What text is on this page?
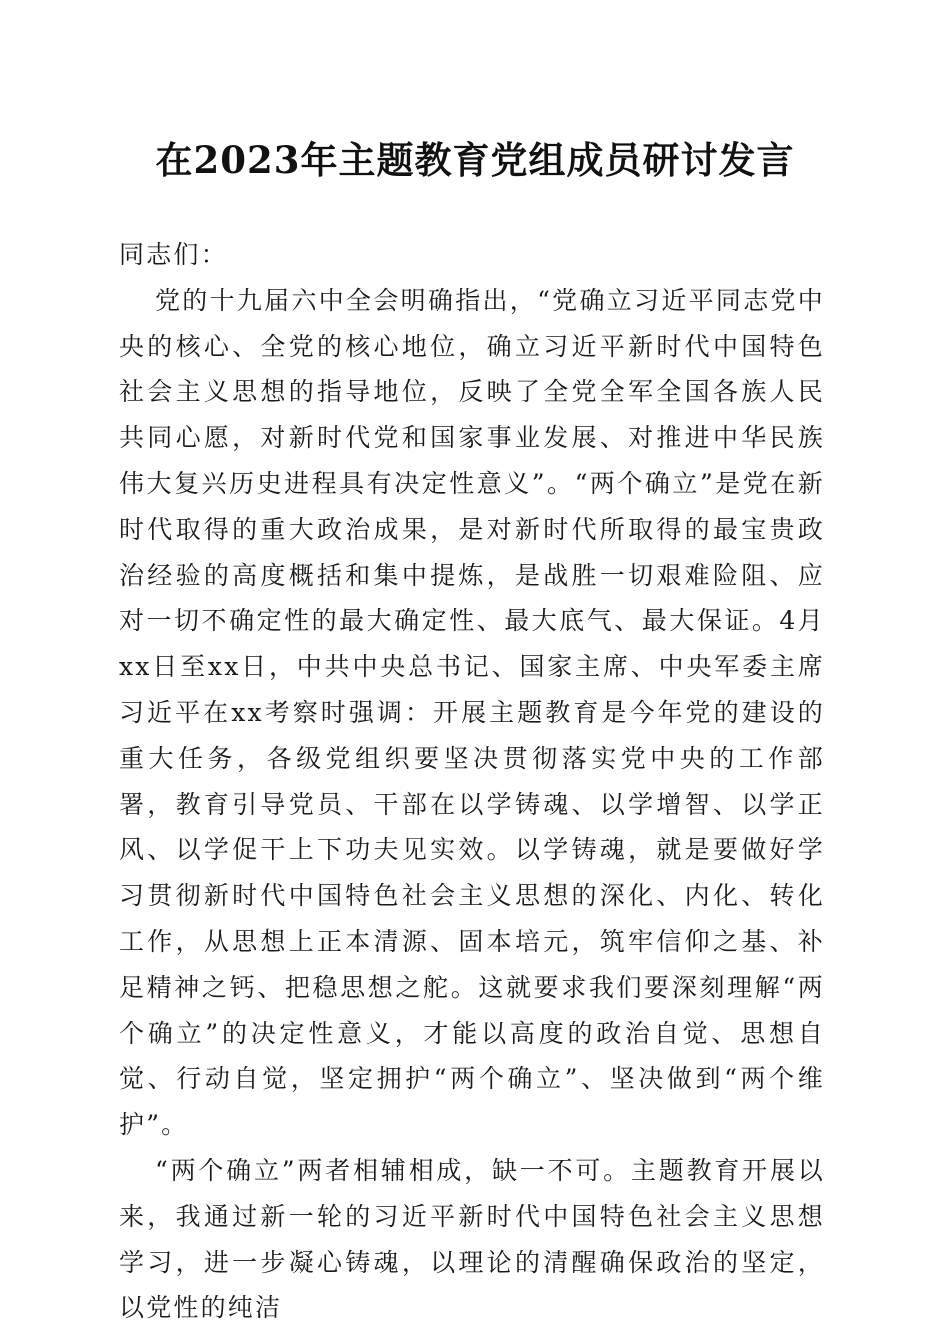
在2023年主题教育党组成员研讨发言

同志们：

党的十九届六中全会明确指出，“党确立习近平同志党中央的核心、全党的核心地位，确立习近平新时代中国特色社会主义思想的指导地位，反映了全党全军全国各族人民共同心愿，对新时代党和国家事业发展、对推进中华民族伟大复兴历史进程具有决定性意义”。“两个确立”是党在新时代取得的重大政治成果，是对新时代所取得的最宝贵政治经验的高度概括和集中提炼，是战胜一切艰难险阻、应对一切不确定性的最大确定性、最大底气、最大保证。4月xx日至xx日，中共中央总书记、国家主席、中央军委主席习近平在xx考察时强调：开展主题教育是今年党的建设的重大任务，各级党组织要坚决贯彻落实党中央的工作部署，教育引导党员、干部在以学铸魂、以学增智、以学正风、以学促干上下功夫见实效。以学铸魂，就是要做好学习贯彻新时代中国特色社会主义思想的深化、内化、转化工作，从思想上正本清源、固本培元，筑牢信仰之基、补足精神之钙、把稳思想之舵。这就要求我们要深刻理解“两个确立”的决定性意义，才能以高度的政治自觉、思想自觉、行动自觉，坚定拥护“两个确立”、坚决做到“两个维护”。

“两个确立”两者相辅相成，缺一不可。主题教育开展以来，我通过新一轮的习近平新时代中国特色社会主义思想学习，进一步凝心铸魂，以理论的清醒确保政治的坚定，以党性的纯洁
